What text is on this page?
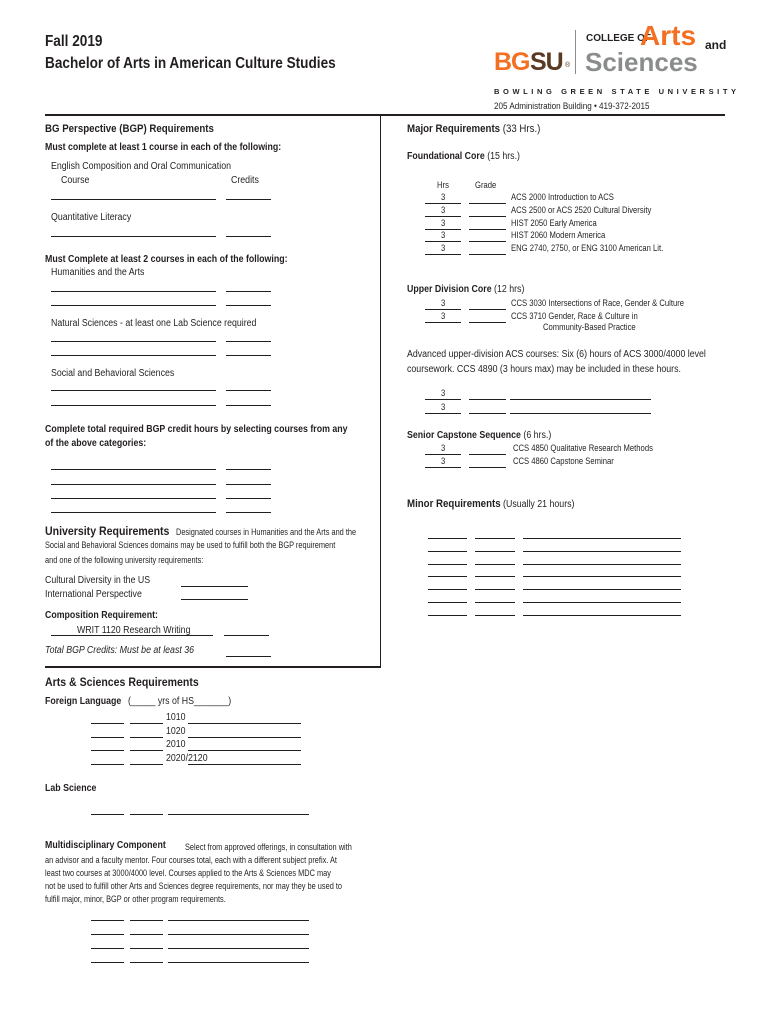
Fall 2019
Bachelor of Arts in American Culture Studies	BG SU ®
COLLEGE OF
Arts and
Sciences
BOWLING GREEN STATE UNIVERSITY
205 Administration Building • 419-372-2015
BG Perspective (BGP) Requirements
Must complete at least 1 course in each of the following:
English Composition and Oral Communication
Course	Credits
Quantitative Literacy
Must Complete at least 2 courses in each of the following:
Humanities and the Arts
Natural Sciences - at least one Lab Science required
Social and Behavioral Sciences
Complete total required BGP credit hours by selecting courses from any
of the above categories:
University Requirements Designated courses in Humanities and the Arts and the
Social and Behavioral Sciences domains may be used to fulfill both the BGP requirement
and one of the following university requirements:
Cultural Diversity in the US
International Perspective
Composition Requirement:
WRIT 1120 Research Writing
Total BGP Credits: Must be at least 36
Arts & Sciences Requirements
Foreign Language (_____ yrs of HS_______)
1010
1020
2010
2020/2120
Lab Science
Multidisciplinary Component Select from approved offerings, in consultation with
an advisor and a faculty mentor. Four courses total, each with a different subject prefix. At
least two courses at 3000/4000 level. Courses applied to the Arts & Sciences MDC may
not be used to fulfill other Arts and Sciences degree requirements, nor may they be used to
fulfill major, minor, BGP or other program requirements.
Major Requirements (33 Hrs.)
Foundational Core (15 hrs.)
Hrs	Grade
3	ACS 2000 Introduction to ACS
3	ACS 2500 or ACS 2520 Cultural Diversity
3	HIST 2050 Early America
3	HIST 2060 Modern America
3	ENG 2740, 2750, or ENG 3100 American Lit.
Upper Division Core (12 hrs)
3	CCS 3030 Intersections of Race, Gender & Culture
3	CCS 3710 Gender, Race & Culture in
Community-Based Practice
Advanced upper-division ACS courses: Six (6) hours of ACS 3000/4000 level
coursework. CCS 4890 (3 hours max) may be included in these hours.
3
3
Senior Capstone Sequence (6 hrs.)
3	CCS 4850 Qualitative Research Methods
3	CCS 4860 Capstone Seminar
Minor Requirements (Usually 21 hours)
